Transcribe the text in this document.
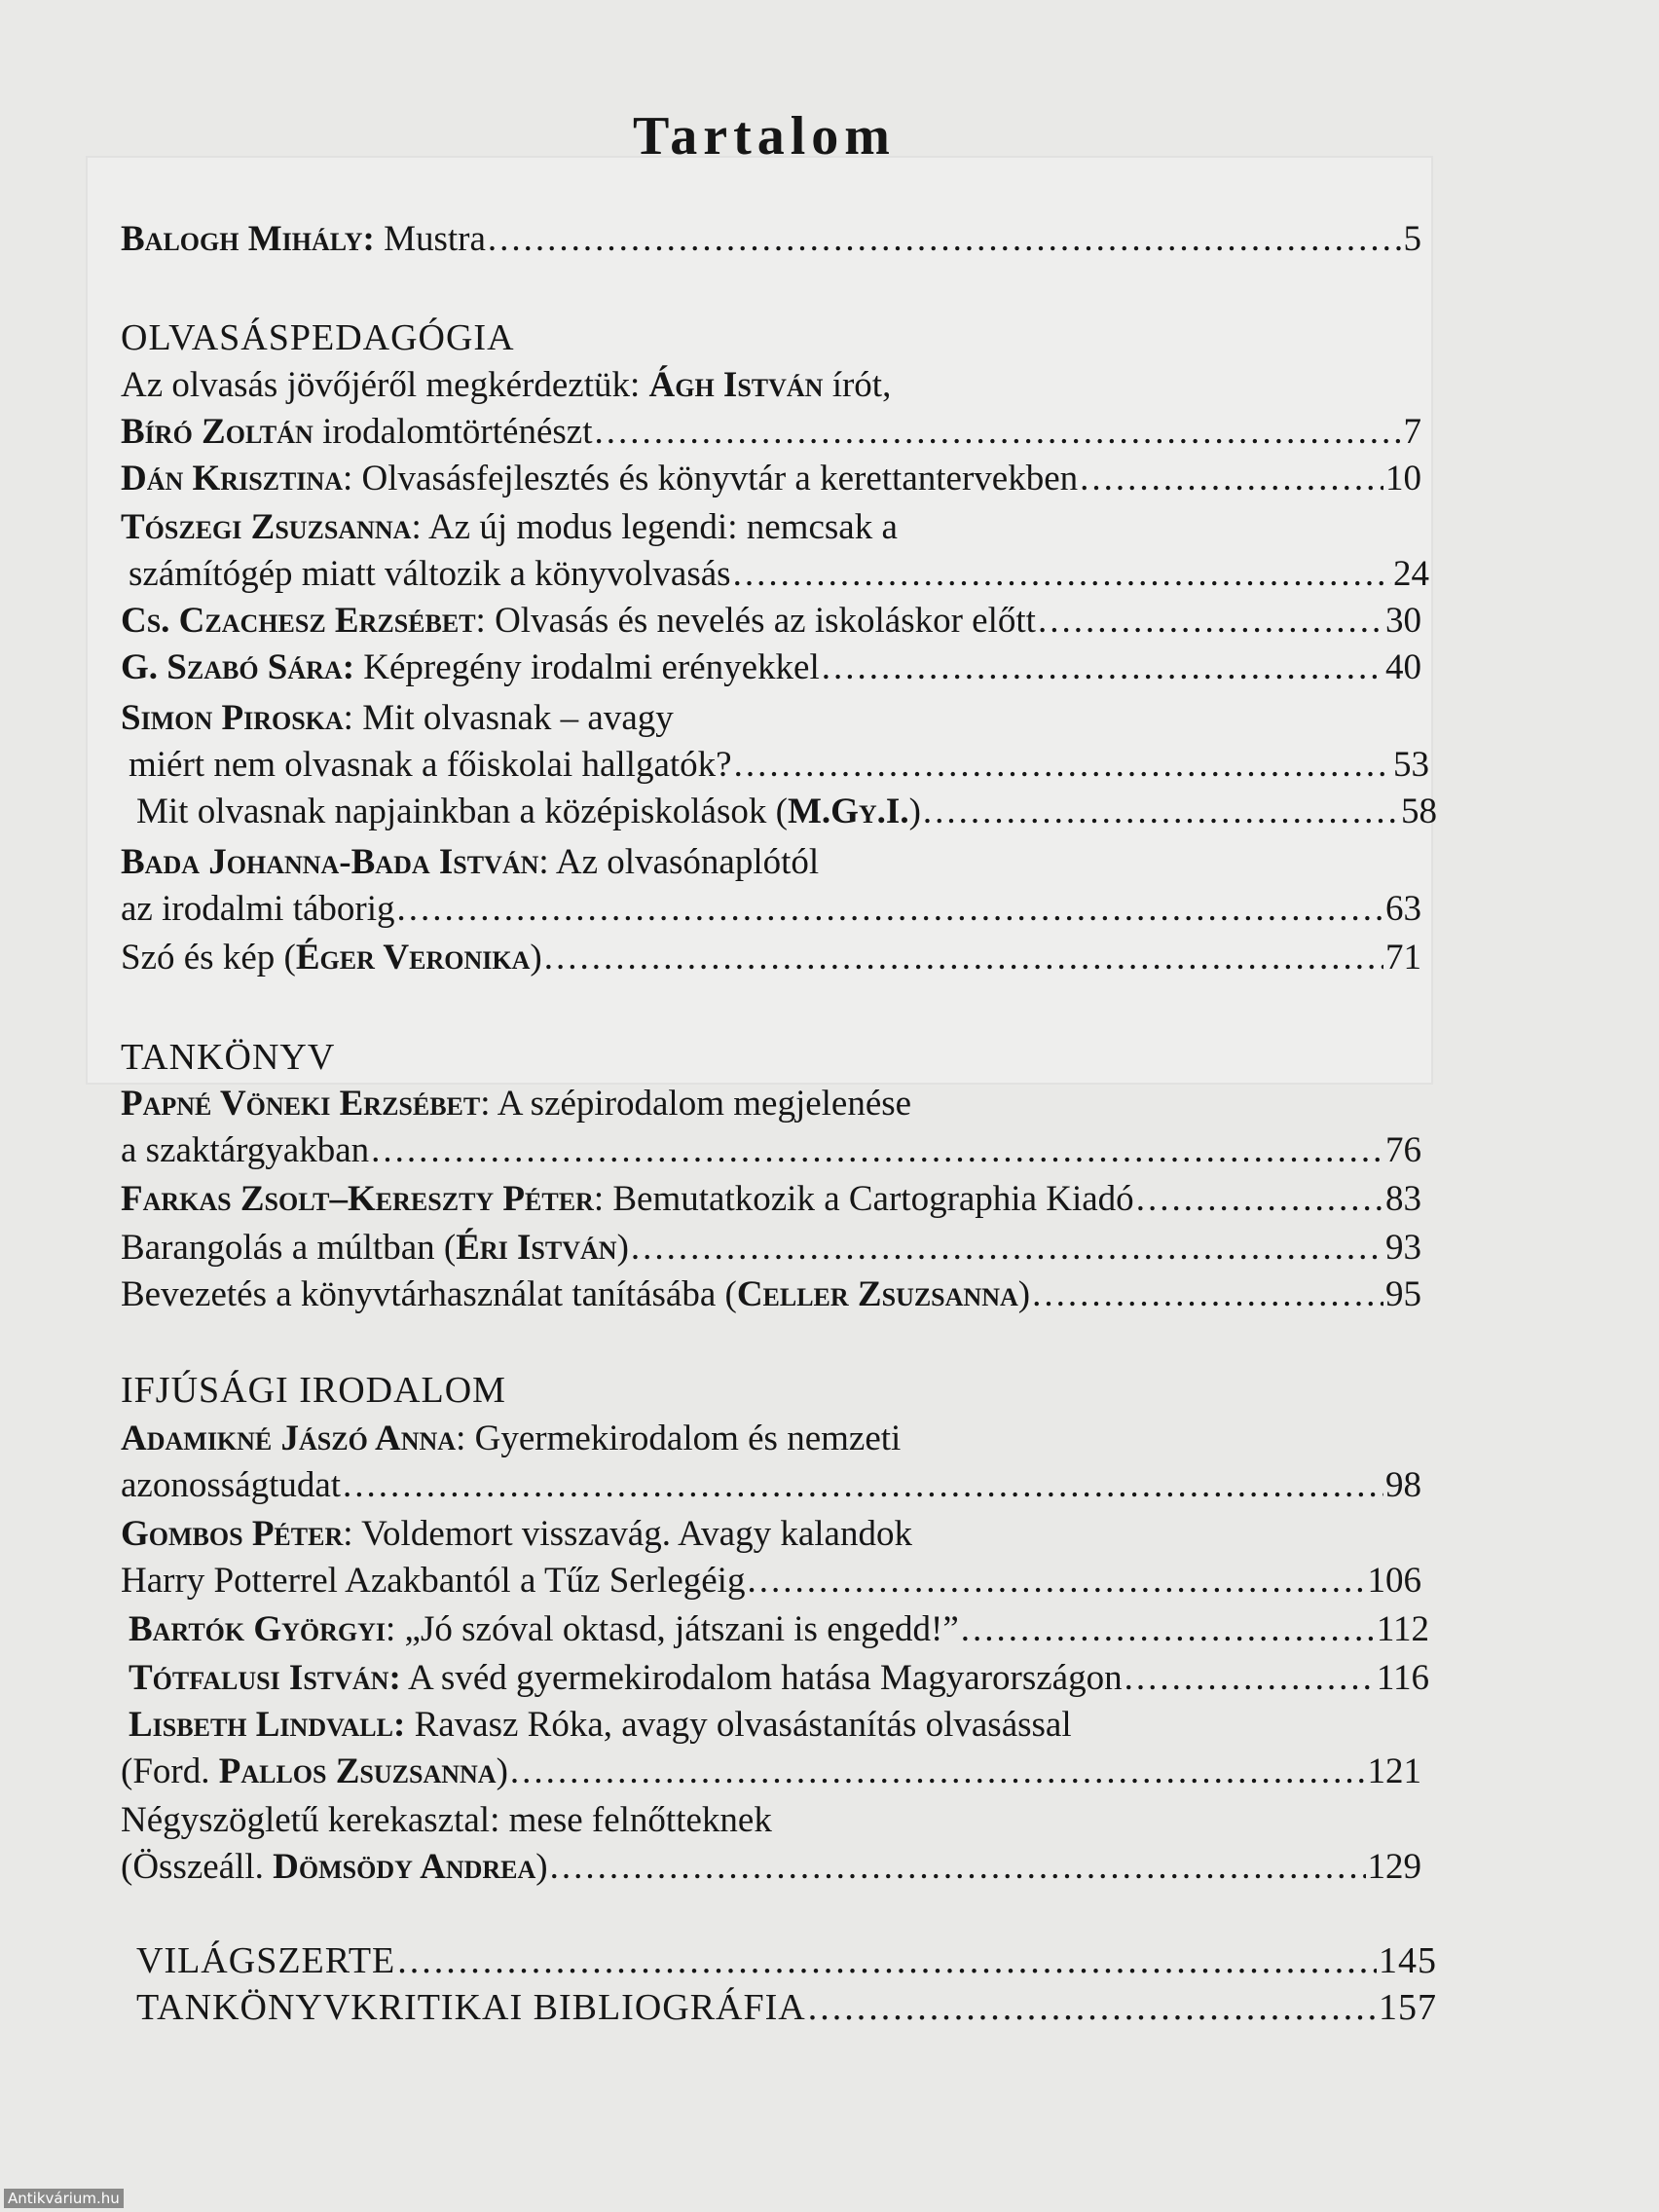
Tartalom
Balogh Mihály: Mustra .....	5
OLVASÁSPEDAGÓGIA
Az olvasás jövőjéről megkérdeztük: Ágh István írót,
Bíró Zoltán irodalomtörténészt .....	7
Dán Krisztina: Olvasásfejlesztés és könyvtár a kerettantervekben .....	10
Tószegi Zsuzsanna: Az új modus legendi: nemcsak a
számítógép miatt változik a könyvolvasás .....	24
Cs. Czachesz Erzsébet: Olvasás és nevelés az iskoláskor előtt .....	30
G. Szabó Sára: Képregény irodalmi erényekkel .....	40
Simon Piroska: Mit olvasnak – avagy
miért nem olvasnak a főiskolai hallgatók? .....	53
Mit olvasnak napjainkban a középiskolások (M.Gy.I.) .....	58
Bada Johanna-Bada István: Az olvasónaplótól
az irodalmi táborig .....	63
Szó és kép (Éger Veronika) .....	71
TANKÖNYV
Papné Vöneki Erzsébet: A szépirodalom megjelenése
a szaktárgyakban .....	76
Farkas Zsolt–Kereszty Péter: Bemutatkozik a Cartographia Kiadó .....	83
Barangolás a múltban (Éri István) .....	93
Bevezetés a könyvtárhasználat tanításába (Celler Zsuzsanna) .....	95
IFJÚSÁGI IRODALOM
Adamikné Jászó Anna: Gyermekirodalom és nemzeti
azonosságtudat .....	98
Gombos Péter: Voldemort visszavág. Avagy kalandok
Harry Potterrel Azakbantól a Tűz Serlegéig .....	106
Bartók Györgyi: „Jó szóval oktasd, játszani is engedd!” .....	112
Tótfalusi István: A svéd gyermekirodalom hatása Magyarországon .....	116
Lisbeth Lindvall: Ravasz Róka, avagy olvasástanítás olvasással
(Ford. Pallos Zsuzsanna) .....	121
Négyszögletű kerekasztal: mese felnőtteknek
(Összeáll. Dömsödy Andrea) .....	129
VILÁGSZERTE .....	145
TANKÖNYVKRITIKAI BIBLIOGRÁFIA .....	157
Antikvárium.hu
